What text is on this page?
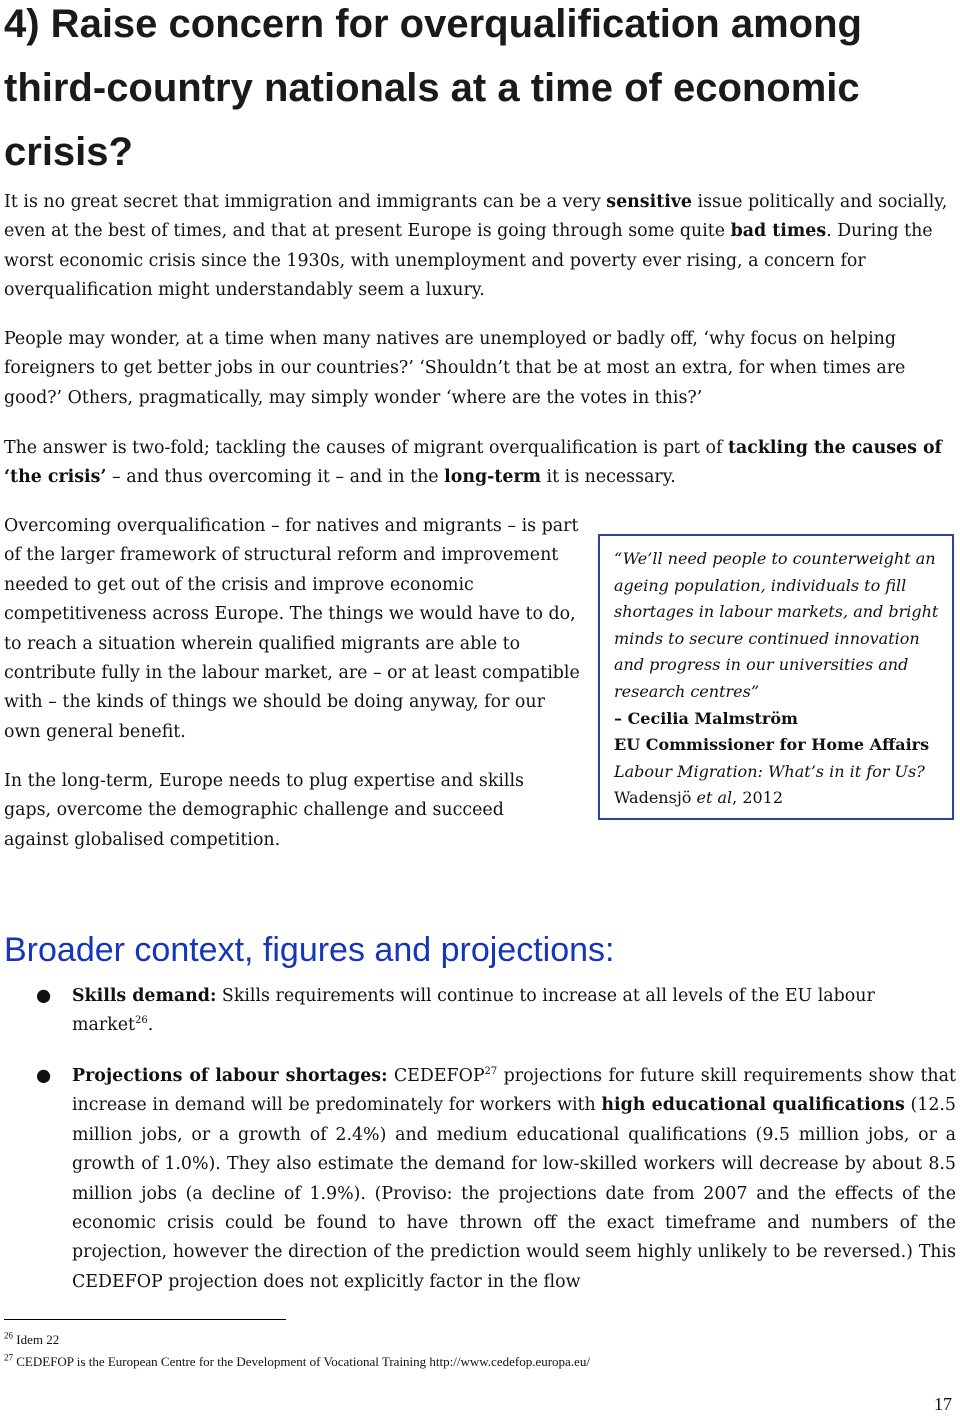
4) Raise concern for overqualification among third-country nationals at a time of economic crisis?

It is no great secret that immigration and immigrants can be a very sensitive issue politically and socially, even at the best of times, and that at present Europe is going through some quite bad times. During the worst economic crisis since the 1930s, with unemployment and poverty ever rising, a concern for overqualification might understandably seem a luxury.

People may wonder, at a time when many natives are unemployed or badly off, ‘why focus on helping foreigners to get better jobs in our countries?’ ‘Shouldn’t that be at most an extra, for when times are good?’ Others, pragmatically, may simply wonder ‘where are the votes in this?’

The answer is two-fold; tackling the causes of migrant overqualification is part of tackling the causes of ‘the crisis’ – and thus overcoming it – and in the long-term it is necessary.

Overcoming overqualification – for natives and migrants – is part of the larger framework of structural reform and improvement needed to get out of the crisis and improve economic competitiveness across Europe. The things we would have to do, to reach a situation wherein qualified migrants are able to contribute fully in the labour market, are – or at least compatible with – the kinds of things we should be doing anyway, for our own general benefit.

In the long-term, Europe needs to plug expertise and skills gaps, overcome the demographic challenge and succeed against globalised competition.

“We’ll need people to counterweight an ageing population, individuals to fill shortages in labour markets, and bright minds to secure continued innovation and progress in our universities and research centres”

– Cecilia Malmström
EU Commissioner for Home Affairs
Labour Migration: What’s in it for Us?
Wadensjö et al, 2012

Broader context, figures and projections:
● Skills demand: Skills requirements will continue to increase at all levels of the EU labour market$^{26}$.
● Projections of labour shortages: CEDEFOP$^{27}$ projections for future skill requirements show that increase in demand will be predominately for workers with high educational qualifications (12.5 million jobs, or a growth of 2.4%) and medium educational qualifications (9.5 million jobs, or a growth of 1.0%). They also estimate the demand for low-skilled workers will decrease by about 8.5 million jobs (a decline of 1.9%). (Proviso: the projections date from 2007 and the effects of the economic crisis could be found to have thrown off the exact timeframe and numbers of the projection, however the direction of the prediction would seem highly unlikely to be reversed.) This CEDEFOP projection does not explicitly factor in the flow
$^{26}$ Idem 22
$^{27}$ CEDEFOP is the European Centre for the Development of Vocational Training http://www.cedefop.europa.eu/
17
